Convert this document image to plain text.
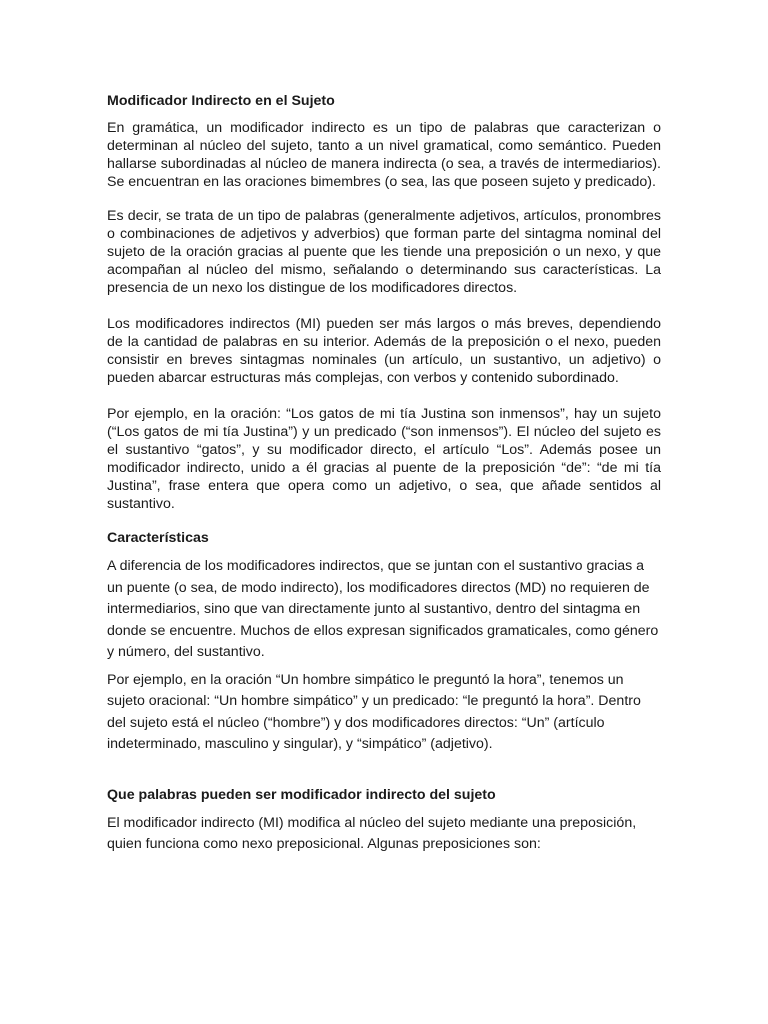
Modificador Indirecto en el Sujeto

En gramática, un modificador indirecto es un tipo de palabras que caracterizan o determinan al núcleo del sujeto, tanto a un nivel gramatical, como semántico. Pueden hallarse subordinadas al núcleo de manera indirecta (o sea, a través de intermediarios). Se encuentran en las oraciones bimembres (o sea, las que poseen sujeto y predicado).

Es decir, se trata de un tipo de palabras (generalmente adjetivos, artículos, pronombres o combinaciones de adjetivos y adverbios) que forman parte del sintagma nominal del sujeto de la oración gracias al puente que les tiende una preposición o un nexo, y que acompañan al núcleo del mismo, señalando o determinando sus características. La presencia de un nexo los distingue de los modificadores directos.

Los modificadores indirectos (MI) pueden ser más largos o más breves, dependiendo de la cantidad de palabras en su interior. Además de la preposición o el nexo, pueden consistir en breves sintagmas nominales (un artículo, un sustantivo, un adjetivo) o pueden abarcar estructuras más complejas, con verbos y contenido subordinado.

Por ejemplo, en la oración: “Los gatos de mi tía Justina son inmensos”, hay un sujeto (“Los gatos de mi tía Justina”) y un predicado (“son inmensos”). El núcleo del sujeto es el sustantivo “gatos”, y su modificador directo, el artículo “Los”. Además posee un modificador indirecto, unido a él gracias al puente de la preposición “de”: “de mi tía Justina”, frase entera que opera como un adjetivo, o sea, que añade sentidos al sustantivo.

Características

A diferencia de los modificadores indirectos, que se juntan con el sustantivo gracias a un puente (o sea, de modo indirecto), los modificadores directos (MD) no requieren de intermediarios, sino que van directamente junto al sustantivo, dentro del sintagma en donde se encuentre. Muchos de ellos expresan significados gramaticales, como género y número, del sustantivo.

Por ejemplo, en la oración “Un hombre simpático le preguntó la hora”, tenemos un sujeto oracional: “Un hombre simpático” y un predicado: “le preguntó la hora”. Dentro del sujeto está el núcleo (“hombre”) y dos modificadores directos: “Un” (artículo indeterminado, masculino y singular), y “simpático” (adjetivo).

Que palabras pueden ser modificador indirecto del sujeto

El modificador indirecto (MI) modifica al núcleo del sujeto mediante una preposición, quien funciona como nexo preposicional. Algunas preposiciones son:
